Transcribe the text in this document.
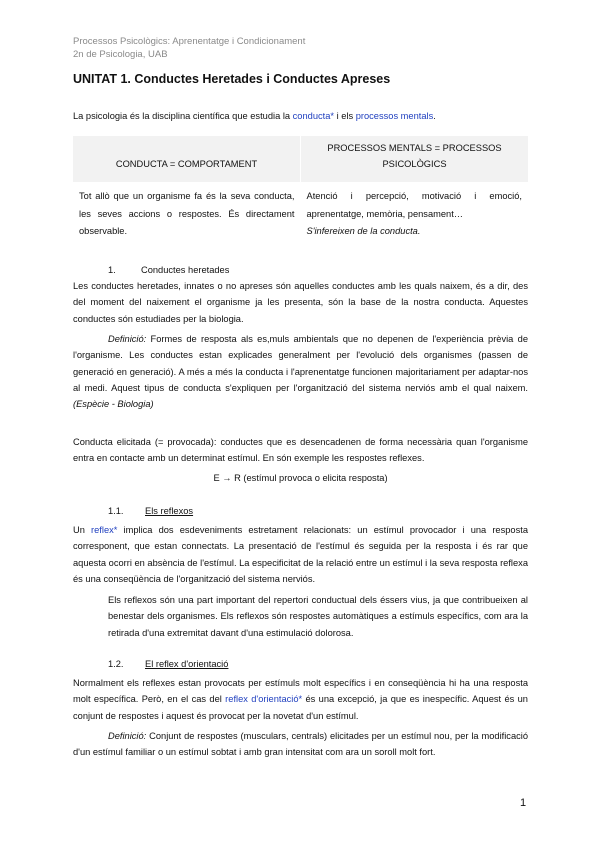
Processos Psicològics: Aprenentatge i Condicionament
2n de Psicologia, UAB
UNITAT 1. Conductes Heretades i Conductes Apreses
La psicologia és la disciplina científica que estudia la conducta* i els processos mentals.
CONDUCTA = COMPORTAMENT	PROCESSOS MENTALS = PROCESSOS PSICOLÒGICS
Tot allò que un organisme fa és la seva conducta, les seves accions o respostes. És directament observable.	Atenció i percepció, motivació i emoció, aprenentatge, memòria, pensament…
S'infereixen de la conducta.
1.	Conductes heretades
Les conductes heretades, innates o no apreses són aquelles conductes amb les quals naixem, és a dir, des del moment del naixement el organisme ja les presenta, són la base de la nostra conducta. Aquestes conductes són estudiades per la biologia.
Definició: Formes de resposta als es,muls ambientals que no depenen de l'experiència prèvia de l'organisme. Les conductes estan explicades generalment per l'evolució dels organismes (passen de generació en generació). A més a més la conducta i l'aprenentatge funcionen majoritariament per adaptar-nos al medi. Aquest tipus de conducta s'expliquen per l'organització del sistema nerviós amb el qual naixem. (Espècie - Biologia)
Conducta elicitada (= provocada): conductes que es desencadenen de forma necessària quan l'organisme entra en contacte amb un determinat estímul. En són exemple les respostes reflexes.
E → R (estímul provoca o elicita resposta)
1.1. Els reflexos
Un reflex* implica dos esdeveniments estretament relacionats: un estímul provocador i una resposta corresponent, que estan connectats. La presentació de l'estímul és seguida per la resposta i és rar que aquesta ocorri en absència de l'estímul. La especificitat de la relació entre un estímul i la seva resposta reflexa és una conseqüència de l'organització del sistema nerviós.
Els reflexos són una part important del repertori conductual dels éssers vius, ja que contribueixen al benestar dels organismes. Els reflexos són respostes automàtiques a estímuls específics, com ara la retirada d'una extremitat davant d'una estimulació dolorosa.
1.2. El reflex d'orientació
Normalment els reflexes estan provocats per estímuls molt específics i en conseqüència hi ha una resposta molt específica. Però, en el cas del reflex d'orientació* és una excepció, ja que es inespecífic. Aquest és un conjunt de respostes i aquest és provocat per la novetat d'un estímul.
Definició: Conjunt de respostes (musculars, centrals) elicitades per un estímul nou, per la modificació d'un estímul familiar o un estímul sobtat i amb gran intensitat com ara un soroll molt fort.
1
